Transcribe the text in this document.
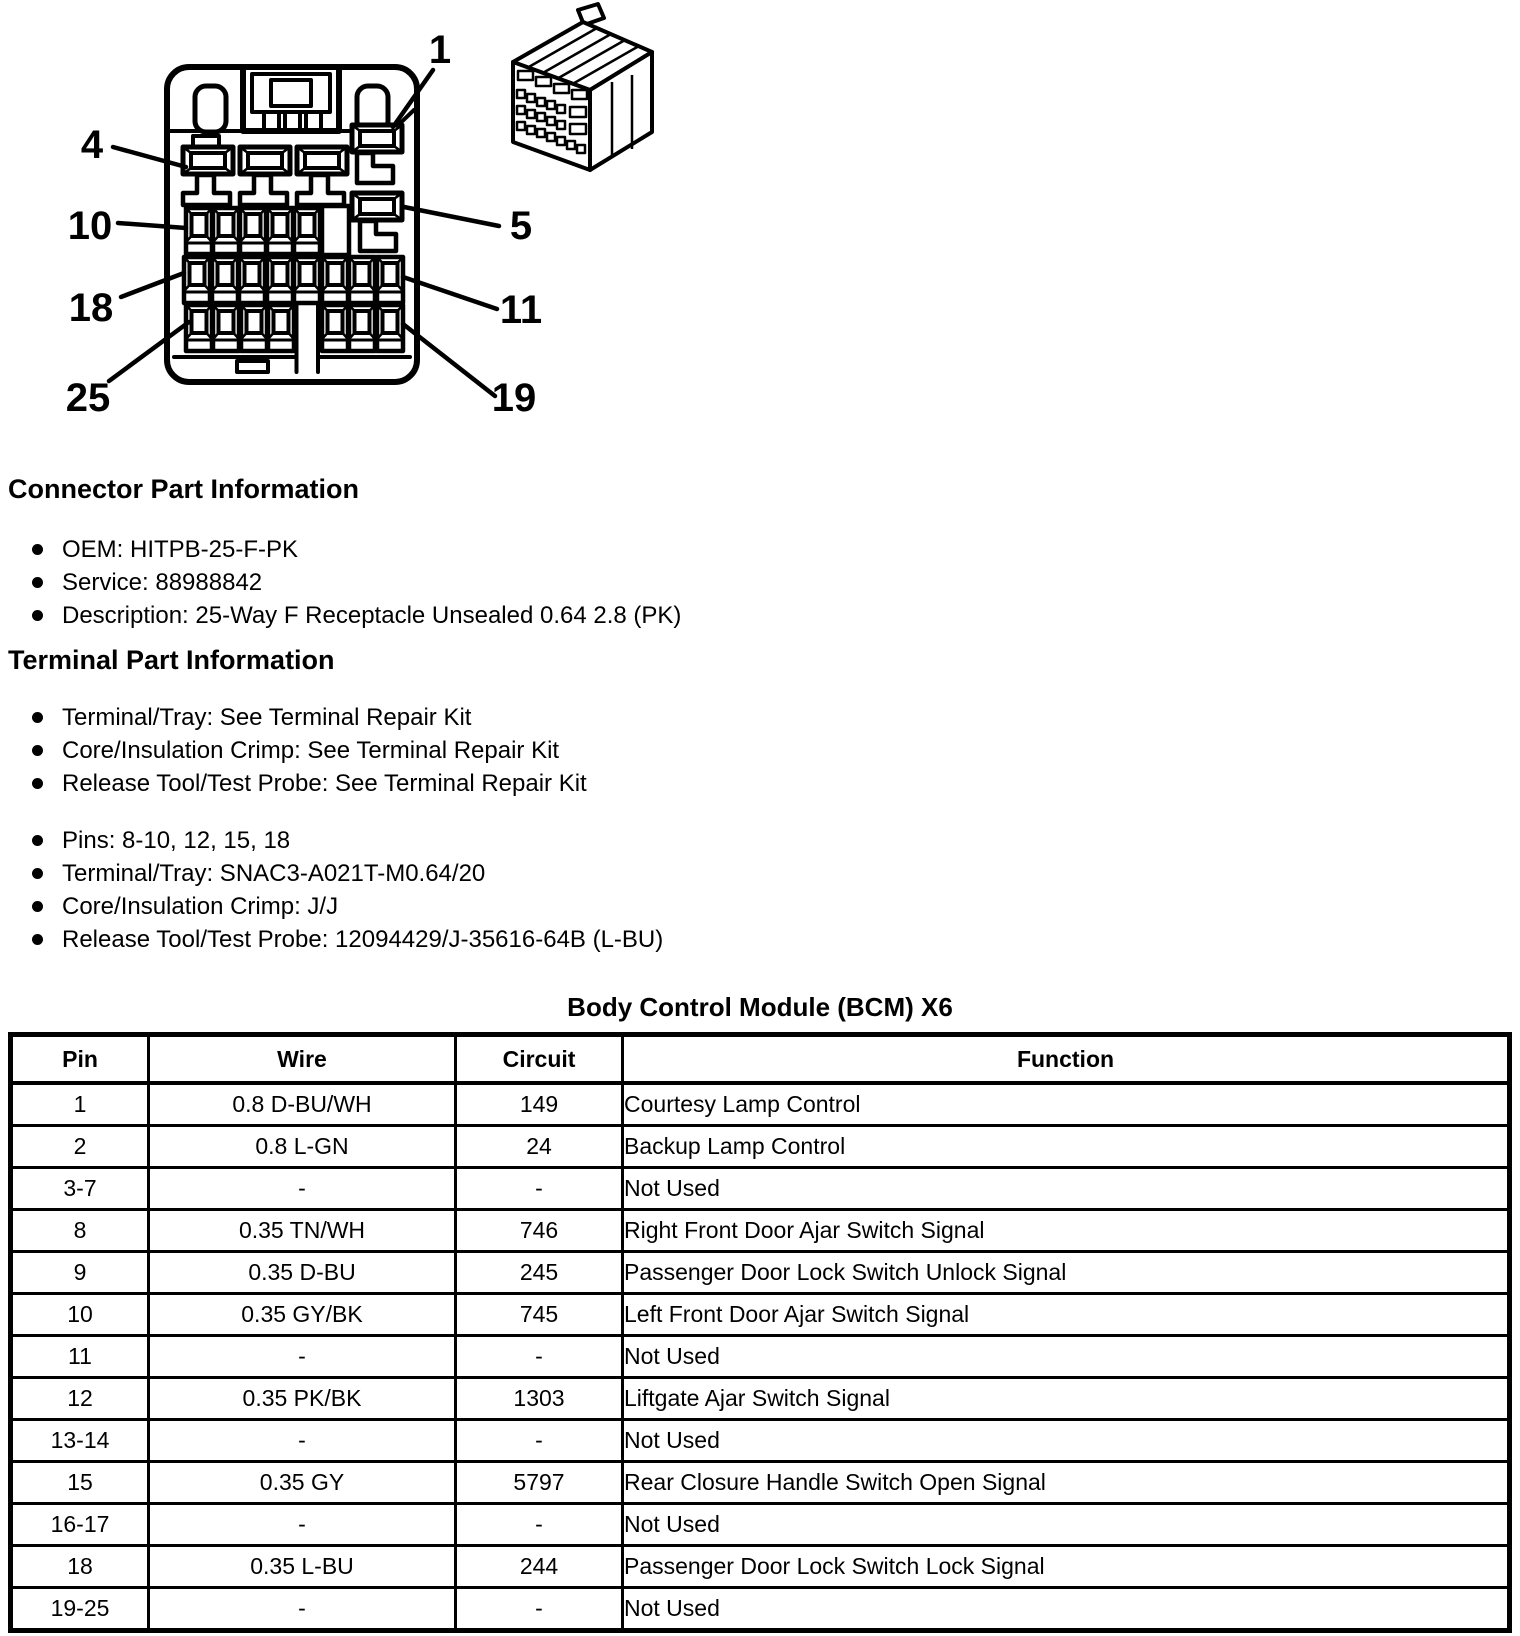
1
4
5
10
11
18
19
25
Connector Part Information
OEM: HITPB-25-F-PK
Service: 88988842
Description: 25-Way F Receptacle Unsealed 0.64 2.8 (PK)
Terminal Part Information
Terminal/Tray: See Terminal Repair Kit
Core/Insulation Crimp: See Terminal Repair Kit
Release Tool/Test Probe: See Terminal Repair Kit
Pins: 8-10, 12, 15, 18
Terminal/Tray: SNAC3-A021T-M0.64/20
Core/Insulation Crimp: J/J
Release Tool/Test Probe: 12094429/J-35616-64B (L-BU)
Body Control Module (BCM) X6
Pin	Wire	Circuit	Function
1	0.8 D-BU/WH	149	Courtesy Lamp Control
2	0.8 L-GN	24	Backup Lamp Control
3-7	-	-	Not Used
8	0.35 TN/WH	746	Right Front Door Ajar Switch Signal
9	0.35 D-BU	245	Passenger Door Lock Switch Unlock Signal
10	0.35 GY/BK	745	Left Front Door Ajar Switch Signal
11	-	-	Not Used
12	0.35 PK/BK	1303	Liftgate Ajar Switch Signal
13-14	-	-	Not Used
15	0.35 GY	5797	Rear Closure Handle Switch Open Signal
16-17	-	-	Not Used
18	0.35 L-BU	244	Passenger Door Lock Switch Lock Signal
19-25	-	-	Not Used
